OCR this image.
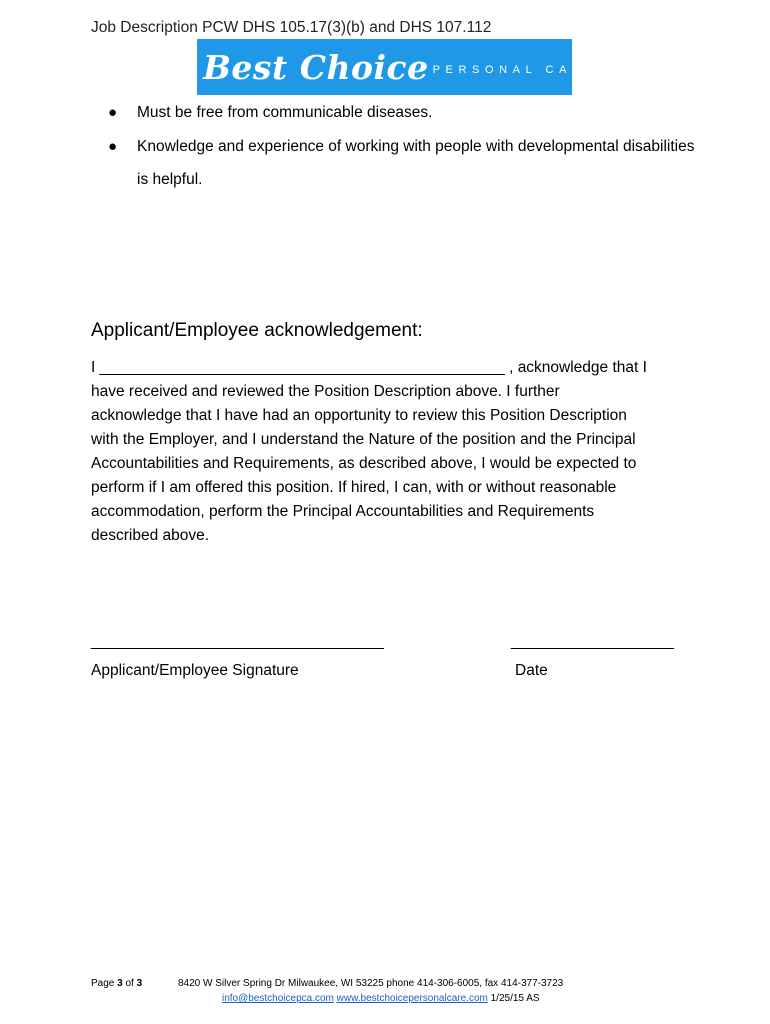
Job Description PCW DHS 105.17(3)(b) and DHS 107.112
Best Choice PERSONAL CARE LLC
●	Must be free from communicable diseases.
●	Knowledge and experience of working with people with developmental disabilities is helpful.
Applicant/Employee acknowledgement:
I _______________________________________________ , acknowledge that I
have received and reviewed the Position Description above. I further
acknowledge that I have had an opportunity to review this Position Description
with the Employer, and I understand the Nature of the position and the Principal
Accountabilities and Requirements, as described above, I would be expected to
perform if I am offered this position. If hired, I can, with or without reasonable
accommodation, perform the Principal Accountabilities and Requirements
described above.
____________________________________	____________________
Applicant/Employee Signature	Date
Page 3 of 3	8420 W Silver Spring Dr Milwaukee, WI 53225 phone 414-306-6005, fax 414-377-3723
info@bestchoicepca.com www.bestchoicepersonalcare.com 1/25/15 AS
